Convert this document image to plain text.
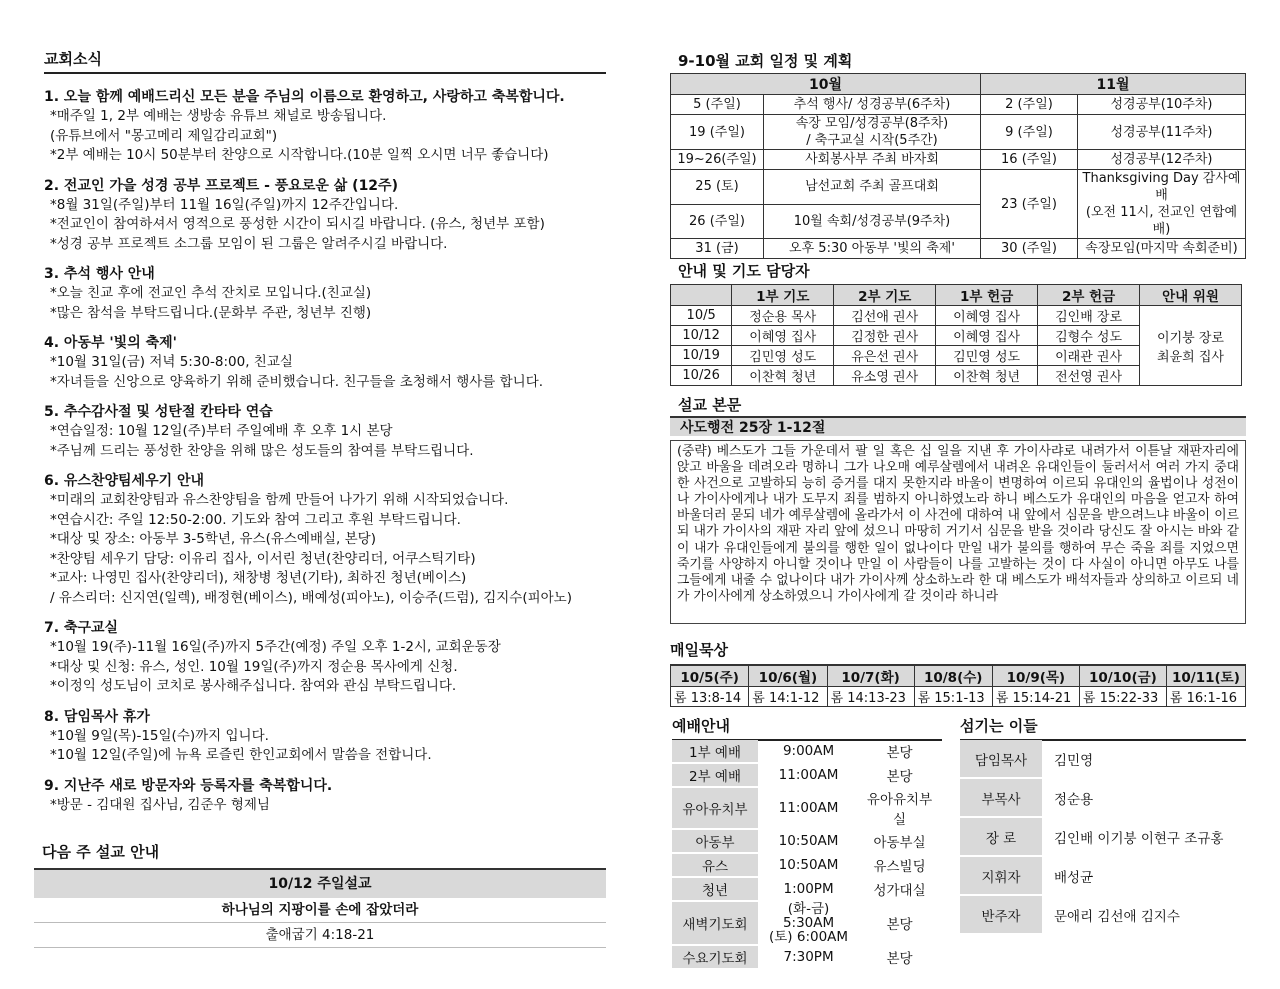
교회소식
1. 오늘 함께 예배드리신 모든 분을 주님의 이름으로 환영하고, 사랑하고 축복합니다.
*매주일 1, 2부 예배는 생방송 유튜브 채널로 방송됩니다.
(유튜브에서 "몽고메리 제일감리교회")
*2부 예배는 10시 50분부터 찬양으로 시작합니다.(10분 일찍 오시면 너무 좋습니다)
2. 전교인 가을 성경 공부 프로젝트 - 풍요로운 삶 (12주)
*8월 31일(주일)부터 11월 16일(주일)까지 12주간입니다.
*전교인이 참여하셔서 영적으로 풍성한 시간이 되시길 바랍니다. (유스, 청년부 포함)
*성경 공부 프로젝트 소그룹 모임이 된 그룹은 알려주시길 바랍니다.
3. 추석 행사 안내
*오늘 친교 후에 전교인 추석 잔치로 모입니다.(친교실)
*많은 참석을 부탁드립니다.(문화부 주관, 청년부 진행)
4. 아동부 '빛의 축제'
*10월 31일(금) 저녁 5:30-8:00, 친교실
*자녀들을 신앙으로 양육하기 위해 준비했습니다. 친구들을 초청해서 행사를 합니다.
5. 추수감사절 및 성탄절 칸타타 연습
*연습일정: 10월 12일(주)부터 주일예배 후 오후 1시 본당
*주님께 드리는 풍성한 찬양을 위해 많은 성도들의 참여를 부탁드립니다.
6. 유스찬양팀세우기 안내
*미래의 교회찬양팀과 유스찬양팀을 함께 만들어 나가기 위해 시작되었습니다.
*연습시간: 주일 12:50-2:00. 기도와 참여 그리고 후원 부탁드립니다.
*대상 및 장소: 아동부 3-5학년, 유스(유스예배실, 본당)
*찬양팀 세우기 담당: 이유리 집사, 이서린 청년(찬양리더, 어쿠스틱기타)
*교사: 나영민 집사(찬양리더), 채창병 청년(기타), 최하진 청년(베이스)
/ 유스리더: 신지연(일렉), 배정현(베이스), 배예성(피아노), 이승주(드럼), 김지수(피아노)
7. 축구교실
*10월 19(주)-11월 16일(주)까지 5주간(예정) 주일 오후 1-2시, 교회운동장
*대상 및 신청: 유스, 성인. 10월 19일(주)까지 정순용 목사에게 신청.
*이정익 성도님이 코치로 봉사해주십니다. 참여와 관심 부탁드립니다.
8. 담임목사 휴가
*10월 9일(목)-15일(수)까지 입니다.
*10월 12일(주일)에 뉴욕 로즐린 한인교회에서 말씀을 전합니다.
9. 지난주 새로 방문자와 등록자를 축복합니다.
*방문 - 김대원 집사님, 김준우 형제님
다음 주 설교 안내
10/12 주일설교
하나님의 지팡이를 손에 잡았더라
출애굽기 4:18-21
9-10월 교회 일정 및 계획
10월		11월	
5 (주일)	추석 행사/ 성경공부(6주차)	2 (주일)	성경공부(10주차)
19 (주일)	속장 모임/성경공부(8주차)
/ 축구교실 시작(5주간)	9 (주일)	성경공부(11주차)
19~26(주일)	사회봉사부 주최 바자회	16 (주일)	성경공부(12주차)
25 (토)	남선교회 주최 골프대회	23 (주일)	Thanksgiving Day 감사예배
(오전 11시, 전교인 연합예배)
26 (주일)	10월 속회/성경공부(9주차)		
31 (금)	오후 5:30 아동부 '빛의 축제'	30 (주일)	속장모임(마지막 속회준비)
안내 및 기도 담당자
	1부 기도	2부 기도	1부 헌금	2부 헌금	안내 위원
10/5	정순용 목사	김선애 권사	이혜영 집사	김인배 장로	이기붕 장로
최윤희 집사
10/12	이혜영 집사	김정한 권사	이혜영 집사	김형수 성도	
10/19	김민영 성도	유은선 권사	김민영 성도	이래관 권사	
10/26	이찬혁 청년	유소영 권사	이찬혁 청년	전선영 권사	
설교 본문
사도행전 25장 1-12절
(중략) 베스도가 그들 가운데서 팔 일 혹은 십 일을 지낸 후 가이사랴로 내려가서 이튿날 재판자리에 앉고 바울을 데려오라 명하니 그가 나오매 예루살렘에서 내려온 유대인들이 둘러서서 여러 가지 중대한 사건으로 고발하되 능히 증거를 대지 못한지라 바울이 변명하여 이르되 유대인의 율법이나 성전이나 가이사에게나 내가 도무지 죄를 범하지 아니하였노라 하니 베스도가 유대인의 마음을 얻고자 하여 바울더러 묻되 네가 예루살렘에 올라가서 이 사건에 대하여 내 앞에서 심문을 받으려느냐 바울이 이르되 내가 가이사의 재판 자리 앞에 섰으니 마땅히 거기서 심문을 받을 것이라 당신도 잘 아시는 바와 같이 내가 유대인들에게 불의를 행한 일이 없나이다 만일 내가 불의를 행하여 무슨 죽을 죄를 지었으면 죽기를 사양하지 아니할 것이나 만일 이 사람들이 나를 고발하는 것이 다 사실이 아니면 아무도 나를 그들에게 내줄 수 없나이다 내가 가이사께 상소하노라 한 대 베스도가 배석자들과 상의하고 이르되 네가 가이사에게 상소하였으니 가이사에게 갈 것이라 하니라
매일묵상
10/5(주)	10/6(월)	10/7(화)	10/8(수)	10/9(목)	10/10(금)	10/11(토)
롬 13:8-14	롬 14:1-12	롬 14:13-23	롬 15:1-13	롬 15:14-21	롬 15:22-33	롬 16:1-16
예배안내
1부 예배	9:00AM	본당
2부 예배	11:00AM	본당
유아유치부	11:00AM	유아유치부실
아동부	10:50AM	아동부실
유스	10:50AM	유스빌딩
청년	1:00PM	성가대실
새벽기도회	(화-금) 5:30AM
(토) 6:00AM	본당
수요기도회	7:30PM	본당
섬기는 이들
담임목사	김민영
부목사	정순용
장 로	김인배 이기붕 이현구 조규홍
지휘자	배성균
반주자	문애리 김선애 김지수
